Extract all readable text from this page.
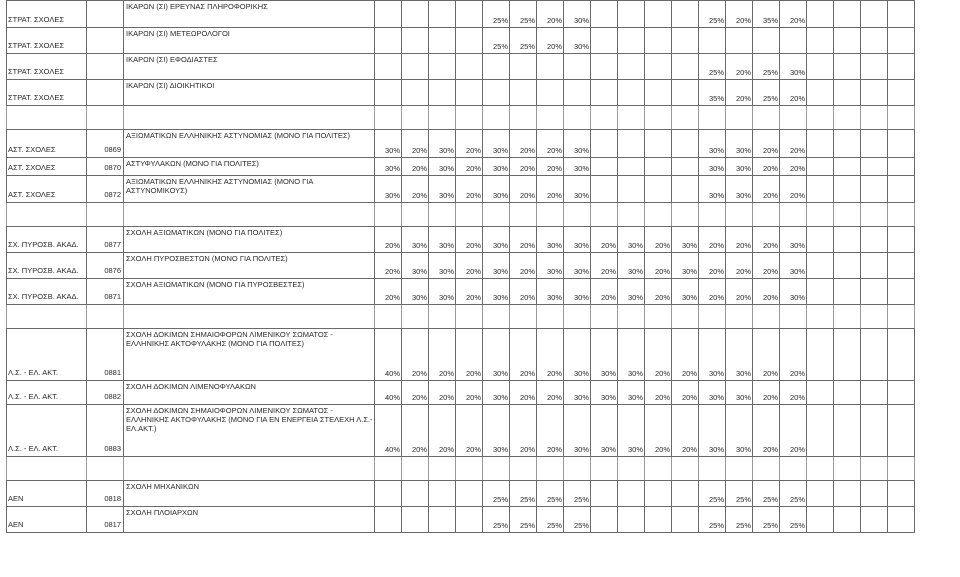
ΣΤΡΑΤ. ΣΧΟΛΕΣ		ΙΚΑΡΩΝ (ΣΙ) ΕΡΕΥΝΑΣ ΠΛΗΡΟΦΟΡΙΚΗΣ					25%	25%	20%	30%					25%	20%	35%	20%				
ΣΤΡΑΤ. ΣΧΟΛΕΣ		ΙΚΑΡΩΝ (ΣΙ) ΜΕΤΕΩΡΟΛΟΓΟΙ					25%	25%	20%	30%												
ΣΤΡΑΤ. ΣΧΟΛΕΣ		ΙΚΑΡΩΝ (ΣΙ) ΕΦΟΔΙΑΣΤΕΣ													25%	20%	25%	30%				
ΣΤΡΑΤ. ΣΧΟΛΕΣ		ΙΚΑΡΩΝ (ΣΙ) ΔΙΟΙΚΗΤΙΚΟΙ													35%	20%	25%	20%				

ΑΣΤ. ΣΧΟΛΕΣ	0869	ΑΞΙΩΜΑΤΙΚΩΝ ΕΛΛΗΝΙΚΗΣ ΑΣΤΥΝΟΜΙΑΣ (ΜΟΝΟ ΓΙΑ ΠΟΛΙΤΕΣ)	30%	20%	30%	20%	30%	20%	20%	30%					30%	30%	20%	20%				
ΑΣΤ. ΣΧΟΛΕΣ	0870	ΑΣΤΥΦΥΛΑΚΩΝ (ΜΟΝΟ ΓΙΑ ΠΟΛΙΤΕΣ)	30%	20%	30%	20%	30%	20%	20%	30%					30%	30%	20%	20%				
ΑΣΤ. ΣΧΟΛΕΣ	0872	ΑΞΙΩΜΑΤΙΚΩΝ ΕΛΛΗΝΙΚΗΣ ΑΣΤΥΝΟΜΙΑΣ (ΜΟΝΟ ΓΙΑ ΑΣΤΥΝΟΜΙΚΟΥΣ)	30%	20%	30%	20%	30%	20%	20%	30%					30%	30%	20%	20%				

ΣΧ. ΠΥΡΟΣΒ. ΑΚΑΔ.	0877	ΣΧΟΛΗ ΑΞΙΩΜΑΤΙΚΩΝ (ΜΟΝΟ ΓΙΑ ΠΟΛΙΤΕΣ)	20%	30%	30%	20%	30%	20%	30%	30%	20%	30%	20%	30%	20%	20%	20%	30%				
ΣΧ. ΠΥΡΟΣΒ. ΑΚΑΔ.	0876	ΣΧΟΛΗ ΠΥΡΟΣΒΕΣΤΩΝ (ΜΟΝΟ ΓΙΑ ΠΟΛΙΤΕΣ)	20%	30%	30%	20%	30%	20%	30%	30%	20%	30%	20%	30%	20%	20%	20%	30%				
ΣΧ. ΠΥΡΟΣΒ. ΑΚΑΔ.	0871	ΣΧΟΛΗ ΑΞΙΩΜΑΤΙΚΩΝ (ΜΟΝΟ ΓΙΑ ΠΥΡΟΣΒΕΣΤΕΣ)	20%	30%	30%	20%	30%	20%	30%	30%	20%	30%	20%	30%	20%	20%	20%	30%				

Λ.Σ. - ΕΛ. ΑΚΤ.	0881	ΣΧΟΛΗ ΔΟΚΙΜΩΝ ΣΗΜΑΙΟΦΟΡΩΝ ΛΙΜΕΝΙΚΟΥ ΣΩΜΑΤΟΣ - ΕΛΛΗΝΙΚΗΣ ΑΚΤΟΦΥΛΑΚΗΣ (ΜΟΝΟ ΓΙΑ ΠΟΛΙΤΕΣ)	40%	20%	20%	20%	30%	20%	20%	30%	30%	30%	20%	20%	30%	30%	20%	20%				
Λ.Σ. - ΕΛ. ΑΚΤ.	0882	ΣΧΟΛΗ ΔΟΚΙΜΩΝ ΛΙΜΕΝΟΦΥΛΑΚΩΝ	40%	20%	20%	20%	30%	20%	20%	30%	30%	30%	20%	20%	30%	30%	20%	20%				
Λ.Σ. - ΕΛ. ΑΚΤ.	0883	ΣΧΟΛΗ ΔΟΚΙΜΩΝ ΣΗΜΑΙΟΦΟΡΩΝ ΛΙΜΕΝΙΚΟΥ ΣΩΜΑΤΟΣ - ΕΛΛΗΝΙΚΗΣ ΑΚΤΟΦΥΛΑΚΗΣ (ΜΟΝΟ ΓΙΑ ΕΝ ΕΝΕΡΓΕΙΑ ΣΤΕΛΕΧΗ Λ.Σ.-ΕΛ.ΑΚΤ.)	40%	20%	20%	20%	30%	20%	20%	30%	30%	30%	20%	20%	30%	30%	20%	20%				

ΑΕΝ	0818	ΣΧΟΛΗ ΜΗΧΑΝΙΚΩΝ					25%	25%	25%	25%					25%	25%	25%	25%				
ΑΕΝ	0817	ΣΧΟΛΗ ΠΛΟΙΑΡΧΩΝ					25%	25%	25%	25%					25%	25%	25%	25%				
